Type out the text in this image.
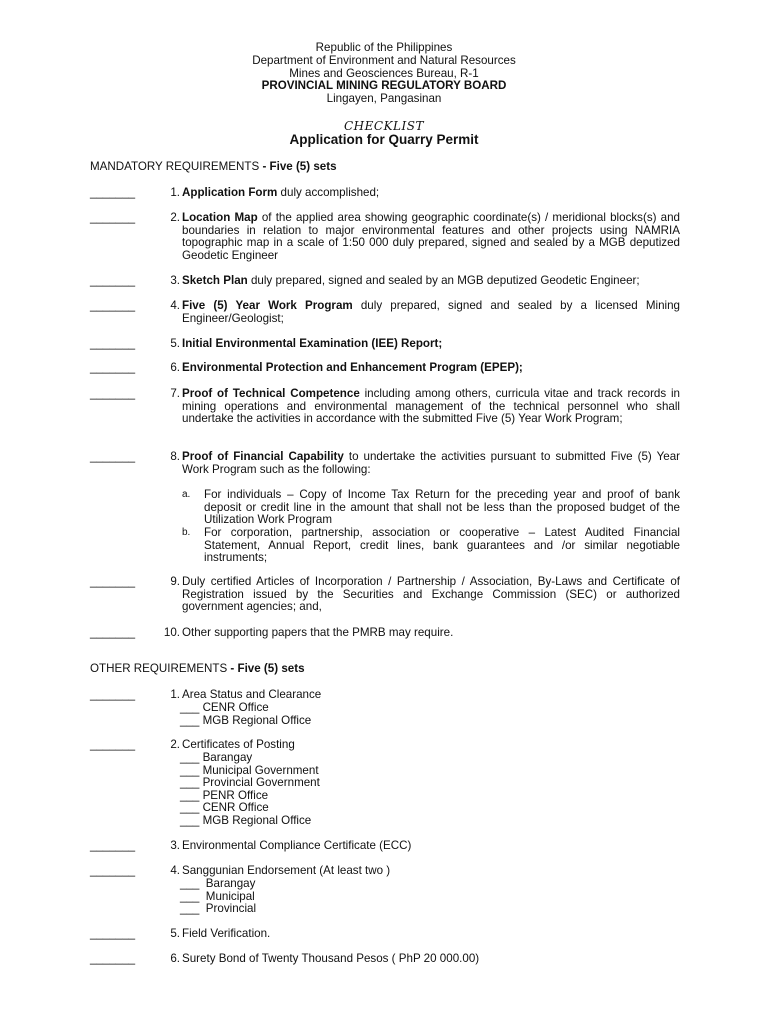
Republic of the Philippines
Department of Environment and Natural Resources
Mines and Geosciences Bureau, R-1
PROVINCIAL MINING REGULATORY BOARD
Lingayen, Pangasinan
CHECKLIST
Application for Quarry Permit
MANDATORY REQUIREMENTS - Five (5) sets
_______	1. Application Form duly accomplished;
_______	2. Location Map of the applied area showing geographic coordinate(s) / meridional blocks(s) and boundaries in relation to major environmental features and other projects using NAMRIA topographic map in a scale of 1:50 000 duly prepared, signed and sealed by a MGB deputized Geodetic Engineer
_______	3. Sketch Plan duly prepared, signed and sealed by an MGB deputized Geodetic Engineer;
_______	4. Five (5) Year Work Program duly prepared, signed and sealed by a licensed Mining Engineer/Geologist;
_______	5. Initial Environmental Examination (IEE) Report;
_______	6. Environmental Protection and Enhancement Program (EPEP);
_______	7. Proof of Technical Competence including among others, curricula vitae and track records in mining operations and environmental management of the technical personnel who shall undertake the activities in accordance with the submitted Five (5) Year Work Program;
_______	8. Proof of Financial Capability to undertake the activities pursuant to submitted Five (5) Year Work Program such as the following:
a. For individuals – Copy of Income Tax Return for the preceding year and proof of bank deposit or credit line in the amount that shall not be less than the proposed budget of the Utilization Work Program
b. For corporation, partnership, association or cooperative – Latest Audited Financial Statement, Annual Report, credit lines, bank guarantees and /or similar negotiable instruments;
_______	9. Duly certified Articles of Incorporation / Partnership / Association, By-Laws and Certificate of Registration issued by the Securities and Exchange Commission (SEC) or authorized government agencies; and,
_______	10. Other supporting papers that the PMRB may require.
OTHER REQUIREMENTS - Five (5) sets
_______	1. Area Status and Clearance
___ CENR Office
___ MGB Regional Office
_______	2. Certificates of Posting
___ Barangay
___ Municipal Government
___ Provincial Government
___ PENR Office
___ CENR Office
___ MGB Regional Office
_______	3. Environmental Compliance Certificate (ECC)
_______	4. Sanggunian Endorsement (At least two )
___  Barangay
___  Municipal
___  Provincial
_______	5. Field Verification.
_______	6. Surety Bond of Twenty Thousand Pesos ( PhP 20 000.00)
